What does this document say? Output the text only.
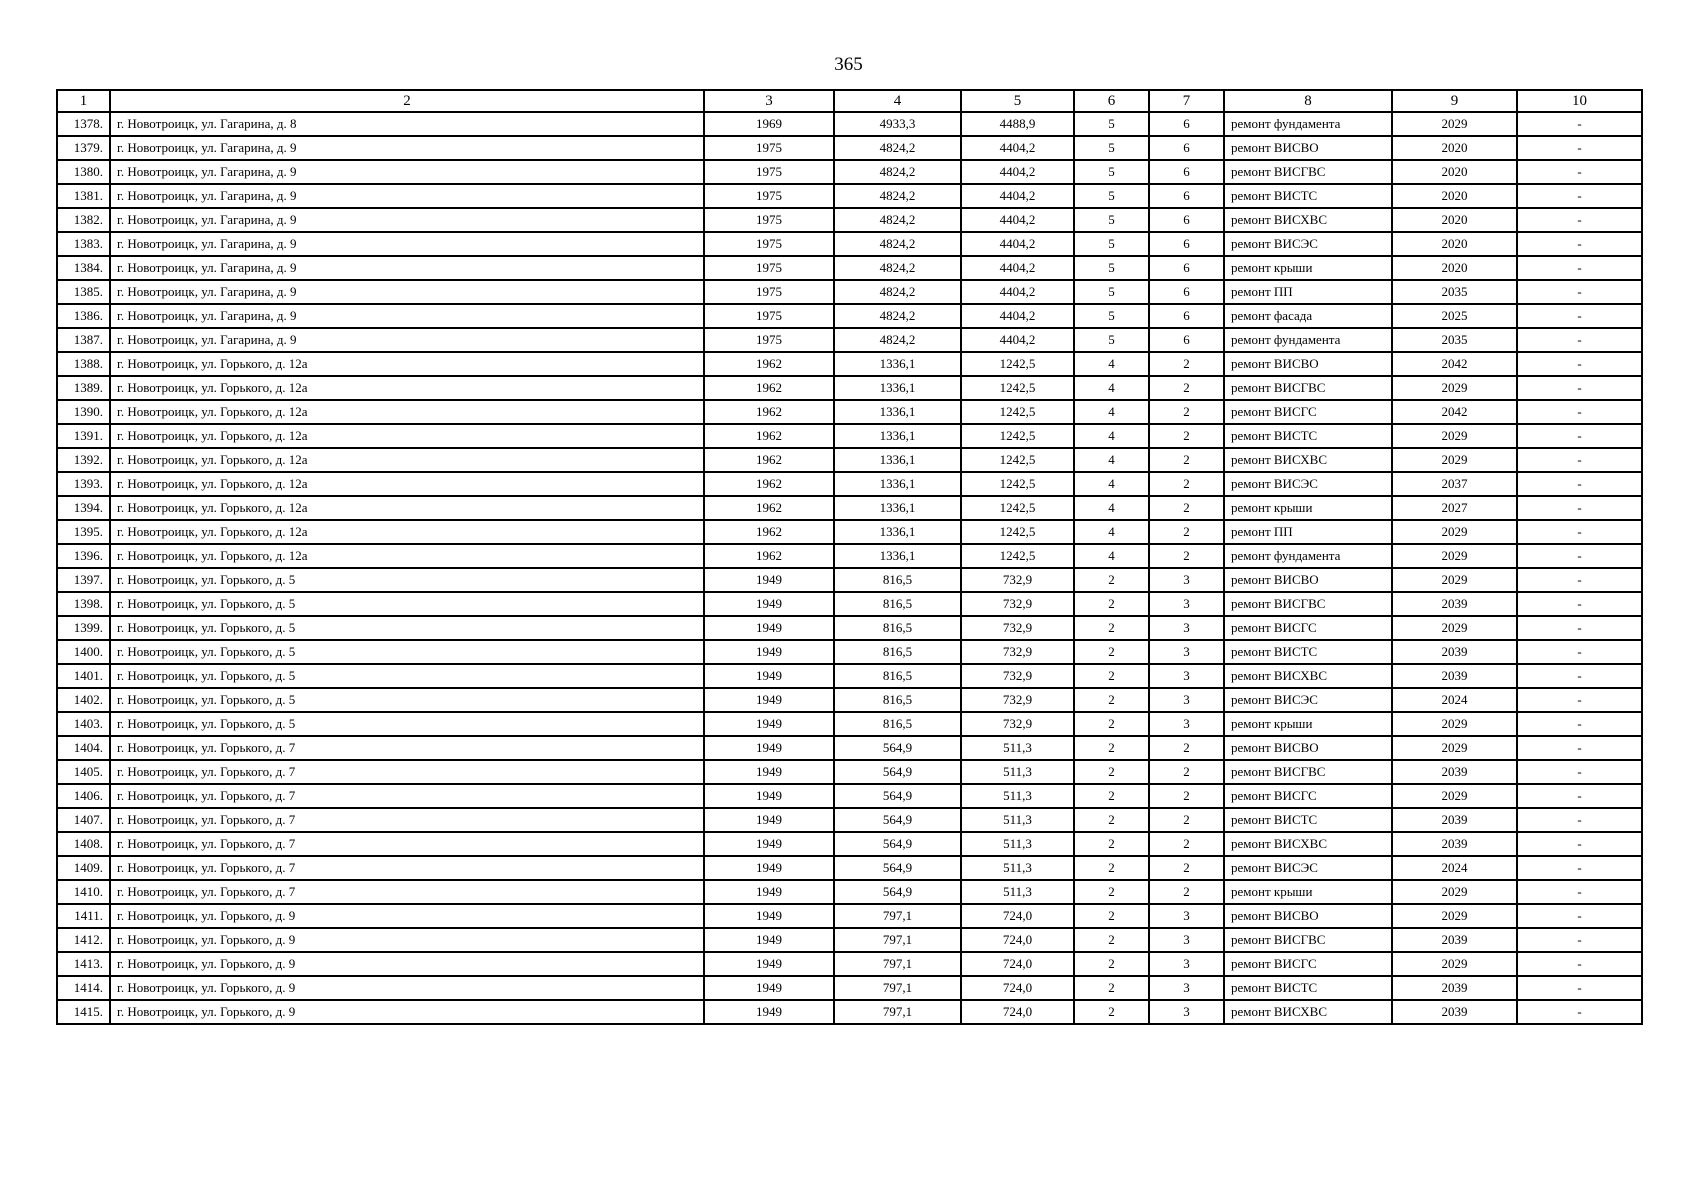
365
1	2	3	4	5	6	7	8	9	10
1378.	г. Новотроицк, ул. Гагарина, д. 8	1969	4933,3	4488,9	5	6	ремонт фундамента	2029	-
1379.	г. Новотроицк, ул. Гагарина, д. 9	1975	4824,2	4404,2	5	6	ремонт ВИСВО	2020	-
1380.	г. Новотроицк, ул. Гагарина, д. 9	1975	4824,2	4404,2	5	6	ремонт ВИСГВС	2020	-
1381.	г. Новотроицк, ул. Гагарина, д. 9	1975	4824,2	4404,2	5	6	ремонт ВИСТС	2020	-
1382.	г. Новотроицк, ул. Гагарина, д. 9	1975	4824,2	4404,2	5	6	ремонт ВИСХВС	2020	-
1383.	г. Новотроицк, ул. Гагарина, д. 9	1975	4824,2	4404,2	5	6	ремонт ВИСЭС	2020	-
1384.	г. Новотроицк, ул. Гагарина, д. 9	1975	4824,2	4404,2	5	6	ремонт крыши	2020	-
1385.	г. Новотроицк, ул. Гагарина, д. 9	1975	4824,2	4404,2	5	6	ремонт ПП	2035	-
1386.	г. Новотроицк, ул. Гагарина, д. 9	1975	4824,2	4404,2	5	6	ремонт фасада	2025	-
1387.	г. Новотроицк, ул. Гагарина, д. 9	1975	4824,2	4404,2	5	6	ремонт фундамента	2035	-
1388.	г. Новотроицк, ул. Горького, д. 12а	1962	1336,1	1242,5	4	2	ремонт ВИСВО	2042	-
1389.	г. Новотроицк, ул. Горького, д. 12а	1962	1336,1	1242,5	4	2	ремонт ВИСГВС	2029	-
1390.	г. Новотроицк, ул. Горького, д. 12а	1962	1336,1	1242,5	4	2	ремонт ВИСГС	2042	-
1391.	г. Новотроицк, ул. Горького, д. 12а	1962	1336,1	1242,5	4	2	ремонт ВИСТС	2029	-
1392.	г. Новотроицк, ул. Горького, д. 12а	1962	1336,1	1242,5	4	2	ремонт ВИСХВС	2029	-
1393.	г. Новотроицк, ул. Горького, д. 12а	1962	1336,1	1242,5	4	2	ремонт ВИСЭС	2037	-
1394.	г. Новотроицк, ул. Горького, д. 12а	1962	1336,1	1242,5	4	2	ремонт крыши	2027	-
1395.	г. Новотроицк, ул. Горького, д. 12а	1962	1336,1	1242,5	4	2	ремонт ПП	2029	-
1396.	г. Новотроицк, ул. Горького, д. 12а	1962	1336,1	1242,5	4	2	ремонт фундамента	2029	-
1397.	г. Новотроицк, ул. Горького, д. 5	1949	816,5	732,9	2	3	ремонт ВИСВО	2029	-
1398.	г. Новотроицк, ул. Горького, д. 5	1949	816,5	732,9	2	3	ремонт ВИСГВС	2039	-
1399.	г. Новотроицк, ул. Горького, д. 5	1949	816,5	732,9	2	3	ремонт ВИСГС	2029	-
1400.	г. Новотроицк, ул. Горького, д. 5	1949	816,5	732,9	2	3	ремонт ВИСТС	2039	-
1401.	г. Новотроицк, ул. Горького, д. 5	1949	816,5	732,9	2	3	ремонт ВИСХВС	2039	-
1402.	г. Новотроицк, ул. Горького, д. 5	1949	816,5	732,9	2	3	ремонт ВИСЭС	2024	-
1403.	г. Новотроицк, ул. Горького, д. 5	1949	816,5	732,9	2	3	ремонт крыши	2029	-
1404.	г. Новотроицк, ул. Горького, д. 7	1949	564,9	511,3	2	2	ремонт ВИСВО	2029	-
1405.	г. Новотроицк, ул. Горького, д. 7	1949	564,9	511,3	2	2	ремонт ВИСГВС	2039	-
1406.	г. Новотроицк, ул. Горького, д. 7	1949	564,9	511,3	2	2	ремонт ВИСГС	2029	-
1407.	г. Новотроицк, ул. Горького, д. 7	1949	564,9	511,3	2	2	ремонт ВИСТС	2039	-
1408.	г. Новотроицк, ул. Горького, д. 7	1949	564,9	511,3	2	2	ремонт ВИСХВС	2039	-
1409.	г. Новотроицк, ул. Горького, д. 7	1949	564,9	511,3	2	2	ремонт ВИСЭС	2024	-
1410.	г. Новотроицк, ул. Горького, д. 7	1949	564,9	511,3	2	2	ремонт крыши	2029	-
1411.	г. Новотроицк, ул. Горького, д. 9	1949	797,1	724,0	2	3	ремонт ВИСВО	2029	-
1412.	г. Новотроицк, ул. Горького, д. 9	1949	797,1	724,0	2	3	ремонт ВИСГВС	2039	-
1413.	г. Новотроицк, ул. Горького, д. 9	1949	797,1	724,0	2	3	ремонт ВИСГС	2029	-
1414.	г. Новотроицк, ул. Горького, д. 9	1949	797,1	724,0	2	3	ремонт ВИСТС	2039	-
1415.	г. Новотроицк, ул. Горького, д. 9	1949	797,1	724,0	2	3	ремонт ВИСХВС	2039	-
